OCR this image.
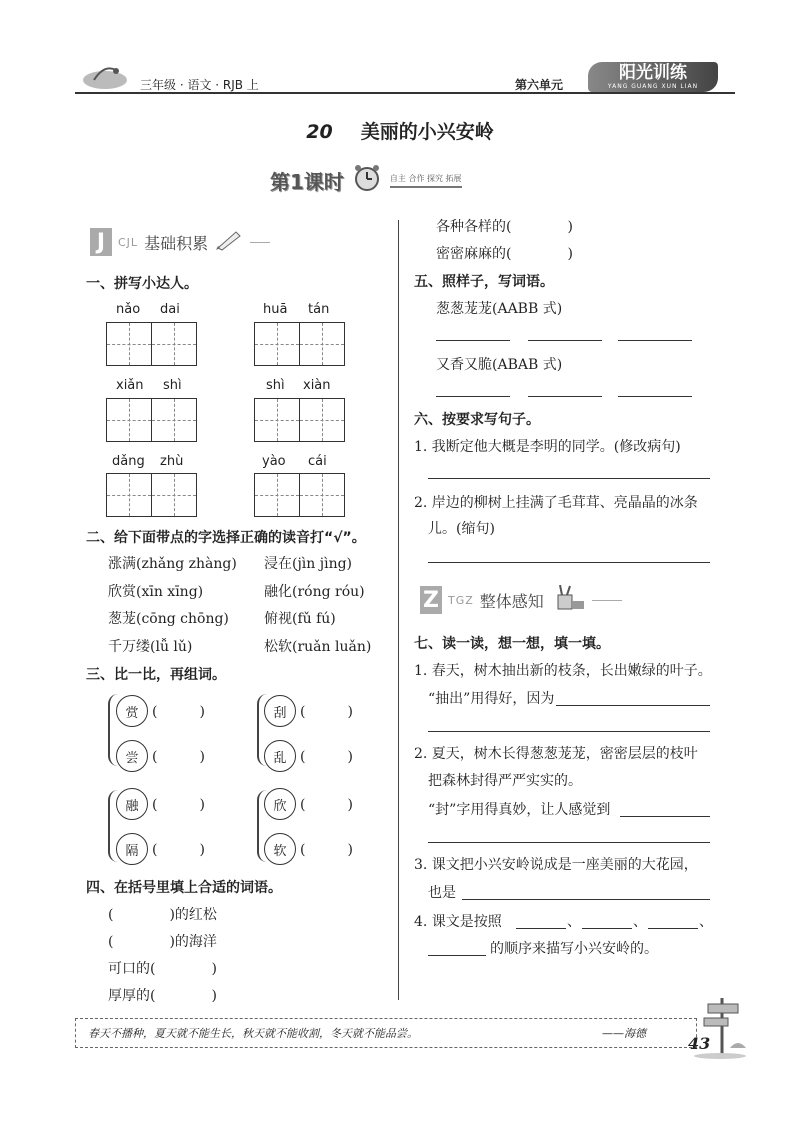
三年级 · 语文 · RJB 上	第六单元
阳光训练
YANG GUANG XUN LIAN
20 美丽的小兴安岭
第1课时	自主 合作 探究 拓展
J	CJL 基础积累
一、拼写小达人。
nǎo dai	huā tán
xiǎn shì	shì xiàn
dǎng zhù	yào cái
二、给下面带点的字选择正确的读音打“√”。
涨满(zhǎng zhàng) 浸在(jìn jìng)
欣赏(xīn xīng)	融化(róng róu)
葱茏(cōng chōng)	俯视(fǔ fú)
千万缕(lǚ lǔ)	松软(ruǎn luǎn)
三、比一比，再组词。
赏 (　　　)
尝 (　　　)
刮 (　　　)
乱 (　　　)
融 (　　　)
隔 (　　　)
欣 (　　　)
软 (　　　)
四、在括号里填上合适的词语。
(　　　　)的红松
(　　　　)的海洋
可口的(　　　　)
厚厚的(　　　　)
各种各样的(　　　　)
密密麻麻的(　　　　)
五、照样子，写词语。
葱葱茏茏(AABB 式)
又香又脆(ABAB 式)
六、按要求写句子。
1. 我断定他大概是李明的同学。(修改病句)
2. 岸边的柳树上挂满了毛茸茸、亮晶晶的冰条
儿。(缩句)
Z TGZ 整体感知
七、读一读，想一想，填一填。
1. 春天，树木抽出新的枝条，长出嫩绿的叶子。
“抽出”用得好，因为
2. 夏天，树木长得葱葱茏茏，密密层层的枝叶
把森林封得严严实实的。
“封”字用得真妙，让人感觉到
3. 课文把小兴安岭说成是一座美丽的大花园，
也是
4. 课文是按照	、	、	、
的顺序来描写小兴安岭的。
春天不播种，夏天就不能生长，秋天就不能收割，冬天就不能品尝。	——海德
43
